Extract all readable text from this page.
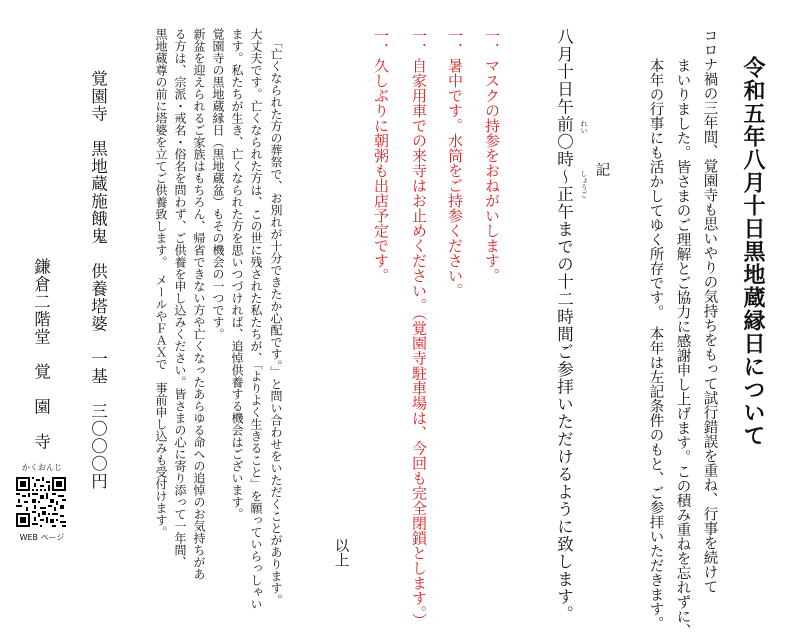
令和五年八月十日黒地蔵縁日について
コロナ禍の三年間、覚園寺も思いやりの気持ちをもって試行錯誤を重ね、行事を続けて
まいりました。皆さまのご理解とご協力に感謝申し上げます。この積み重ねを忘れずに、
本年の行事にも活かしてゆく所存です。　本年は左記条件のもと、ご参拝いただきます。
記
八月十日午前〇時～正午までの十二時間ご参拝いただけるように致します。 れい
しょうご
一．マスクの持参をおねがいします。
一．暑中です。水筒をご持参ください。
一．自家用車での来寺はお止めください。（覚園寺駐車場は、今回も完全閉鎖とします。）
一．久しぶりに朝粥も出店予定です。
以上
「亡くなられた方の葬祭で、お別れが十分できたか心配です。」と問い合わせをいただくことがあります。
大丈夫です。亡くなられた方は、この世に残された私たちが、「よりよく生きること」を願っていらっしゃい
ます。私たちが生き、亡くなられた方を思いつづければ、追悼供養する機会はございます。
覚園寺の黒地蔵縁日（黒地蔵盆）もその機会の一つです。
新盆を迎えられるご家族はもちろん、帰省できない方や亡くなったあらゆる命への追悼のお気持ちがあ
る方は、宗派・戒名・俗名を問わず、ご供養を申し込みください。皆さまの心に寄り添って一年間、
黒地蔵尊の前に塔婆を立てご供養致します。　メールやＦＡＸで　事前申し込みも受付けます。
覚園寺　黒地蔵施餓鬼　供養塔婆　一基　三〇〇〇円
鎌倉二階堂　覚　園　寺
かくおんじ
WEB ページ
